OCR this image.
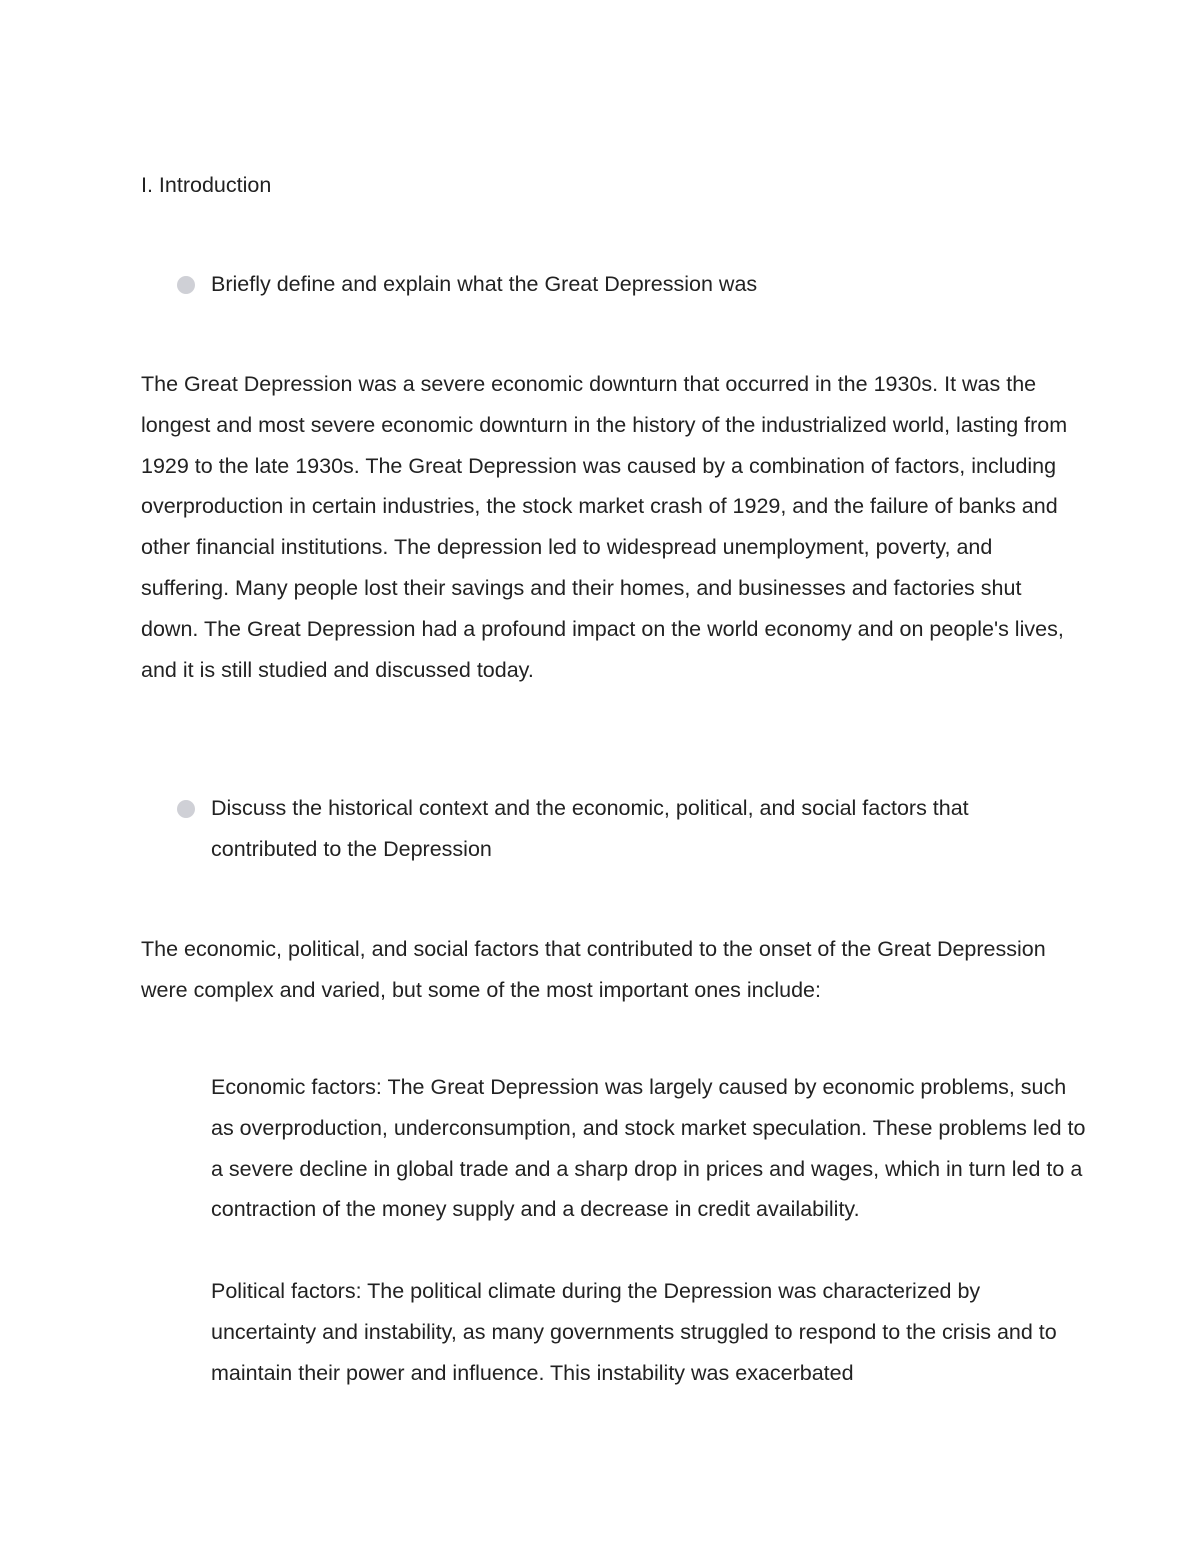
I. Introduction

Briefly define and explain what the Great Depression was

The Great Depression was a severe economic downturn that occurred in the 1930s. It was the longest and most severe economic downturn in the history of the industrialized world, lasting from 1929 to the late 1930s. The Great Depression was caused by a combination of factors, including overproduction in certain industries, the stock market crash of 1929, and the failure of banks and other financial institutions. The depression led to widespread unemployment, poverty, and suffering. Many people lost their savings and their homes, and businesses and factories shut down. The Great Depression had a profound impact on the world economy and on people's lives, and it is still studied and discussed today.

Discuss the historical context and the economic, political, and social factors that contributed to the Depression

The economic, political, and social factors that contributed to the onset of the Great Depression were complex and varied, but some of the most important ones include:

Economic factors: The Great Depression was largely caused by economic problems, such as overproduction, underconsumption, and stock market speculation. These problems led to a severe decline in global trade and a sharp drop in prices and wages, which in turn led to a contraction of the money supply and a decrease in credit availability.

Political factors: The political climate during the Depression was characterized by uncertainty and instability, as many governments struggled to respond to the crisis and to maintain their power and influence. This instability was exacerbated
